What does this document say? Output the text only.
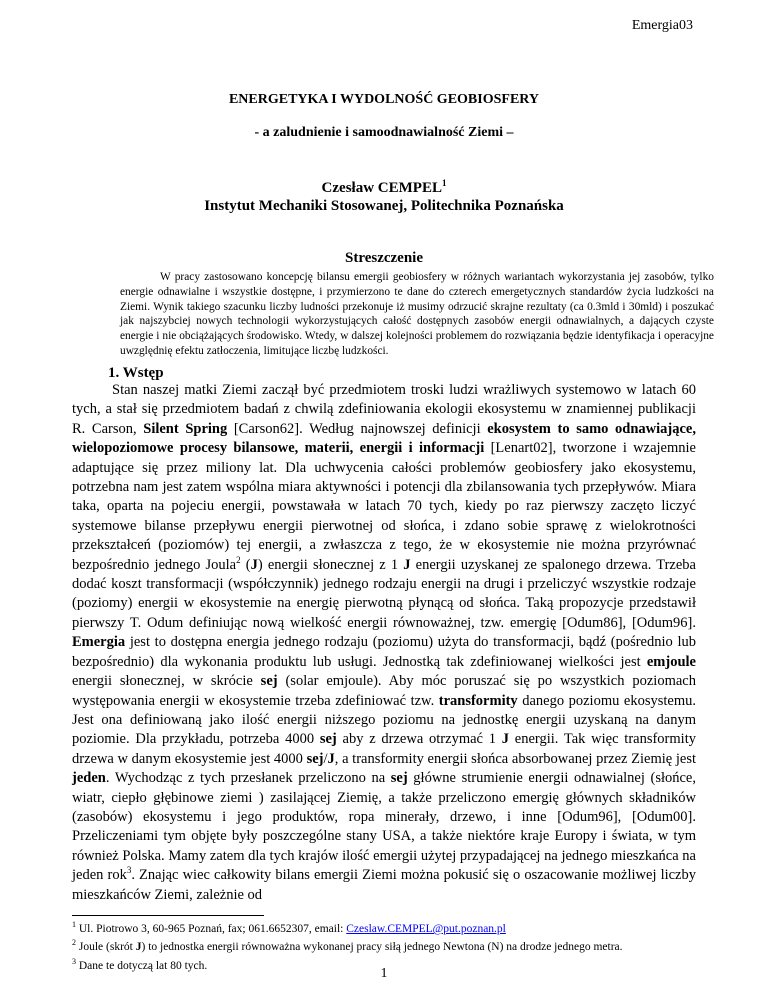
Emergia03
ENERGETYKA I WYDOLNOŚĆ GEOBIOSFERY
- a zaludnienie i samoodnawialność Ziemi –
Czesław CEMPEL$^1$
Instytut Mechaniki Stosowanej, Politechnika Poznańska
Streszczenie
W pracy zastosowano koncepcję bilansu emergii geobiosfery w różnych wariantach wykorzystania jej zasobów, tylko energie odnawialne i wszystkie dostępne, i przymierzono te dane do czterech emergetycznych standardów życia ludzkości na Ziemi. Wynik takiego szacunku liczby ludności przekonuje iż musimy odrzucić skrajne rezultaty (ca 0.3mld i 30mld) i poszukać jak najszybciej nowych technologii wykorzystujących całość dostępnych zasobów energii odnawialnych, a dających czyste energie i nie obciążających środowisko. Wtedy, w dalszej kolejności problemem do rozwiązania będzie identyfikacja i operacyjne uwzględnię efektu zatłoczenia, limitujące liczbę ludzkości.
1. Wstęp
Stan naszej matki Ziemi zaczął być przedmiotem troski ludzi wrażliwych systemowo w latach 60 tych, a stał się przedmiotem badań z chwilą zdefiniowania ekologii ekosystemu w znamiennej publikacji R. Carson, Silent Spring [Carson62]. Według najnowszej definicji ekosystem to samo odnawiające, wielopoziomowe procesy bilansowe, materii, energii i informacji [Lenart02], tworzone i wzajemnie adaptujące się przez miliony lat. Dla uchwycenia całości problemów geobiosfery jako ekosystemu, potrzebna nam jest zatem wspólna miara aktywności i potencji dla zbilansowania tych przepływów. Miara taka, oparta na pojeciu energii, powstawała w latach 70 tych, kiedy po raz pierwszy zaczęto liczyć systemowe bilanse przepływu energii pierwotnej od słońca, i zdano sobie sprawę z wielokrotności przekształceń (poziomów) tej energii, a zwłaszcza z tego, że w ekosystemie nie można przyrównać bezpośrednio jednego Joula$^2$ (J) energii słonecznej z 1 J energii uzyskanej ze spalonego drzewa. Trzeba dodać koszt transformacji (współczynnik) jednego rodzaju energii na drugi i przeliczyć wszystkie rodzaje (poziomy) energii w ekosystemie na energię pierwotną płynącą od słońca. Taką propozycje przedstawił pierwszy T. Odum definiując nową wielkość energii równoważnej, tzw. emergię [Odum86], [Odum96]. Emergia jest to dostępna energia jednego rodzaju (poziomu) użyta do transformacji, bądź (pośrednio lub bezpośrednio) dla wykonania produktu lub usługi. Jednostką tak zdefiniowanej wielkości jest emjoule energii słonecznej, w skrócie sej (solar emjoule). Aby móc poruszać się po wszystkich poziomach występowania energii w ekosystemie trzeba zdefiniować tzw. transformity danego poziomu ekosystemu. Jest ona definiowaną jako ilość energii niższego poziomu na jednostkę energii uzyskaną na danym poziomie. Dla przykładu, potrzeba 4000 sej aby z drzewa otrzymać 1 J energii. Tak więc transformity drzewa w danym ekosystemie jest 4000 sej/J, a transformity energii słońca absorbowanej przez Ziemię jest jeden. Wychodząc z tych przesłanek przeliczono na sej główne strumienie energii odnawialnej (słońce, wiatr, ciepło głębinowe ziemi ) zasilającej Ziemię, a także przeliczono emergię głównych składników (zasobów) ekosystemu i jego produktów, ropa minerały, drzewo, i inne [Odum96], [Odum00]. Przeliczeniami tym objęte były poszczególne stany USA, a także niektóre kraje Europy i świata, w tym również Polska. Mamy zatem dla tych krajów ilość emergii użytej przypadającej na jednego mieszkańca na jeden rok$^3$. Znając wiec całkowity bilans emergii Ziemi można pokusić się o oszacowanie możliwej liczby mieszkańców Ziemi, zależnie od
$^1$ Ul. Piotrowo 3, 60-965 Poznań, fax; 061.6652307, email: Czeslaw.CEMPEL@put.poznan.pl
$^2$ Joule (skrót J) to jednostka energii równoważna wykonanej pracy siłą jednego Newtona (N) na drodze jednego metra.
$^3$ Dane te dotyczą lat 80 tych.
1
